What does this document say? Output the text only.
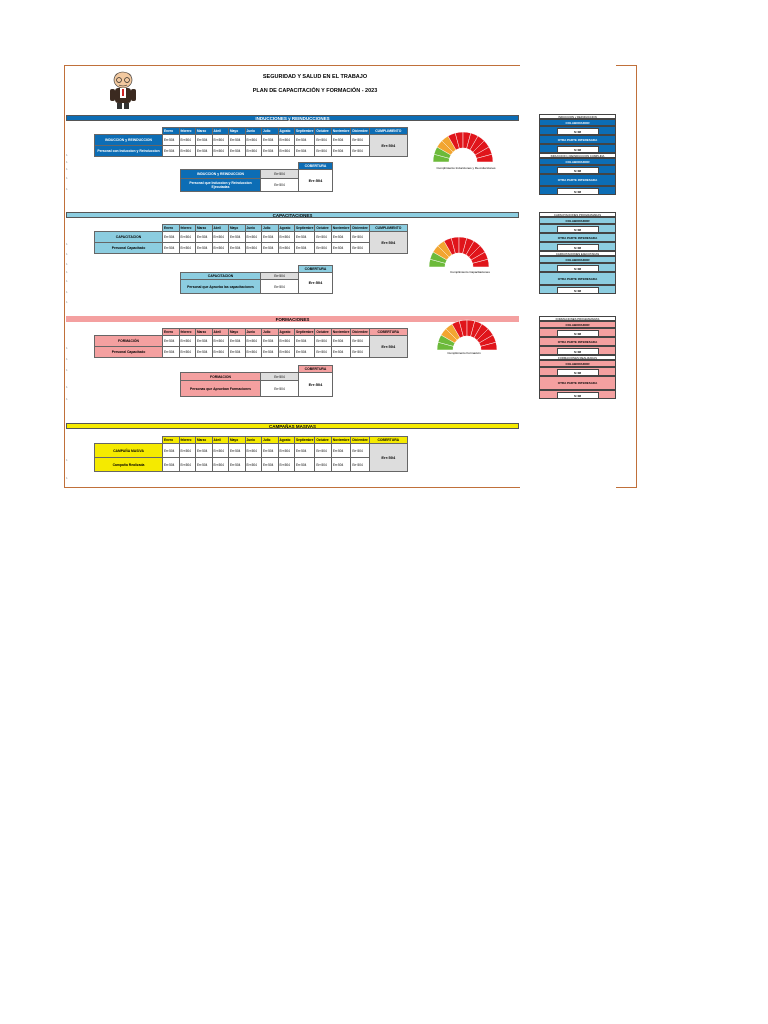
SEGURIDAD Y SALUD EN EL TRABAJO
PLAN DE CAPACITACIÓN Y FORMACIÓN - 2023
1
1
1
1
1
1
1
1
1
1
1
1
1
1
1
1
1
1
1
INDUCCIONES y REINDUCCIONES
	Enero	febrero	Marzo	Abril	Mayo	Junio	Julio	Agosto	Septiembre	Octubre	Noviembre	Diciembre	CUMPLIMIENTO
INDUCCION y REINDUCCION	Err:504	Err:504	Err:504	Err:504	Err:504	Err:504	Err:504	Err:504	Err:504	Err:504	Err:504	Err:504	Err:504
Personal con Induccion y Reinduccion	Err:504	Err:504	Err:504	Err:504	Err:504	Err:504	Err:504	Err:504	Err:504	Err:504	Err:504	Err:504	
		COBERTURA
INDUCCION y REINDUCCION	Err:504	Err:504
Personal que Induccion y Reinduccion Ejecutadas	Err:504	
Cumplimiento Inducciones y Re-inducciones
CAPACITACIONES
	Enero	febrero	Marzo	Abril	Mayo	Junio	Julio	Agosto	Septiembre	Octubre	Noviembre	Diciembre	CUMPLIMIENTO
CAPACITACION	Err:504	Err:504	Err:504	Err:504	Err:504	Err:504	Err:504	Err:504	Err:504	Err:504	Err:504	Err:504	Err:504
Personal Capacitado	Err:504	Err:504	Err:504	Err:504	Err:504	Err:504	Err:504	Err:504	Err:504	Err:504	Err:504	Err:504	
		COBERTURA
CAPACITACION	Err:504	Err:504
Personal que Aprueba las capacitaciones	Err:504	
Cumplimiento Capacitaciones
FORMACIONES
	Enero	febrero	Marzo	Abril	Mayo	Junio	Julio	Agosto	Septiembre	Octubre	Noviembre	Diciembre	COBERTURA
FORMACIÓN	Err:504	Err:504	Err:504	Err:504	Err:504	Err:504	Err:504	Err:504	Err:504	Err:504	Err:504	Err:504	Err:504
Personal Capacitado	Err:504	Err:504	Err:504	Err:504	Err:504	Err:504	Err:504	Err:504	Err:504	Err:504	Err:504	Err:504	
		COBERTURA
FORMACION	Err:504	Err:504
Personas que Aprueban Formaciones	Err:504	
Cumplimiento Formación
CAMPAÑAS MASIVAS
	Enero	febrero	Marzo	Abril	Mayo	Junio	Julio	Agosto	Septiembre	Octubre	Noviembre	Diciembre	COBERTURA
CAMPAÑA MASIVA	Err:504	Err:504	Err:504	Err:504	Err:504	Err:504	Err:504	Err:504	Err:504	Err:504	Err:504	Err:504	Err:504
Campaña Realizada	Err:504	Err:504	Err:504	Err:504	Err:504	Err:504	Err:504	Err:504	Err:504	Err:504	Err:504	Err:504	
INDUCCION y REINDUCCION
COLABORADOR
S=08
OTRA PARTE INTERESADA
S=08
INDUCCION y REINDUCCION CUMPLIDA
COLABORADOR
S=08
OTRA PARTE INTERESADA
S=08
CAPACITACIONES PROGRAMADAS
COLABORADOR
S=08
OTRA PARTE INTERESADA
S=08
CAPACITACIONES EJECUTADAS
COLABORADOR
S=08
OTRA PARTE INTERESADA
S=08
FORMACIONES PROGRAMADAS
COLABORADOR
S=08
OTRA PARTE INTERESADA
S=08
FORMACIONES REALIZADAS
COLABORADOR
S=08
OTRA PARTE INTERESADA
S=08
